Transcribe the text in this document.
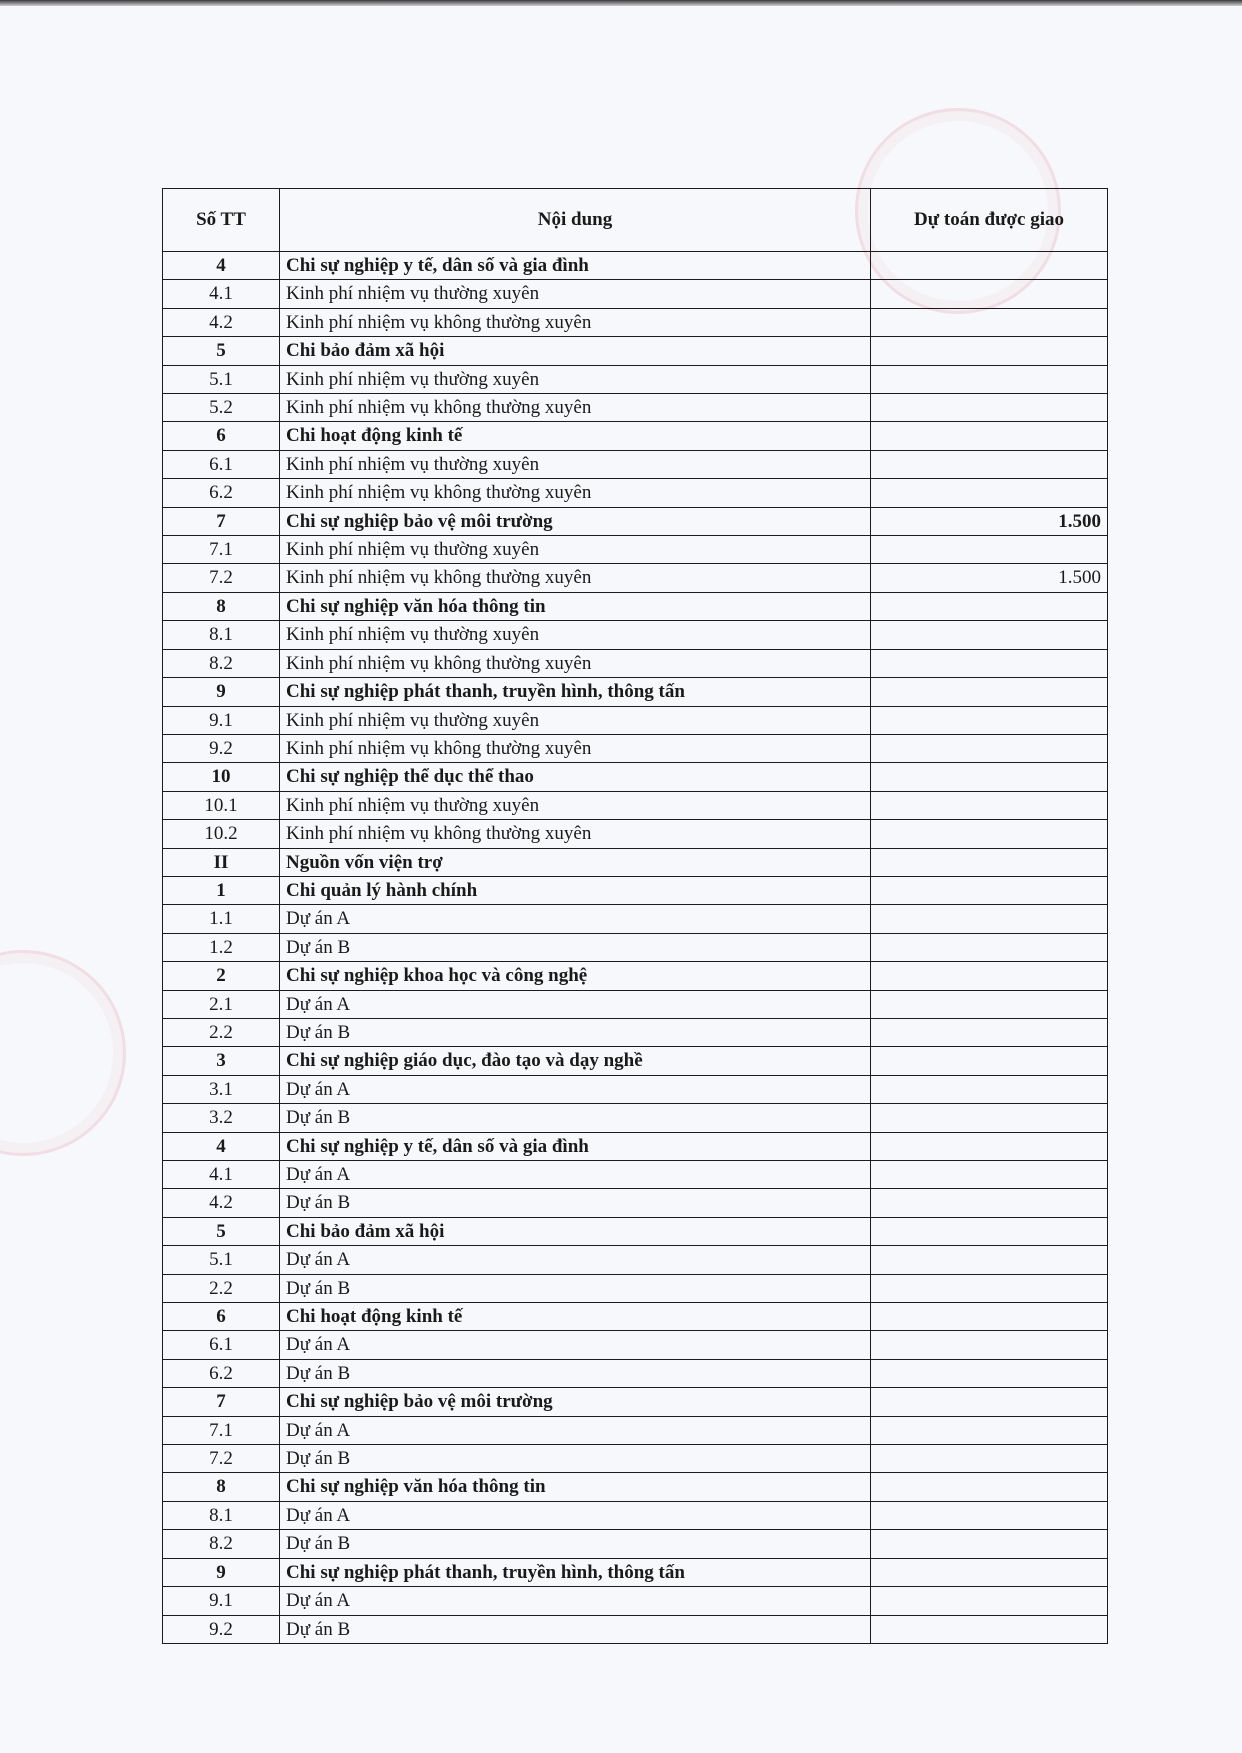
Số TT	Nội dung	Dự toán được giao
4	Chi sự nghiệp y tế, dân số và gia đình	
4.1	Kinh phí nhiệm vụ thường xuyên	
4.2	Kinh phí nhiệm vụ không thường xuyên	
5	Chi bảo đảm xã hội	
5.1	Kinh phí nhiệm vụ thường xuyên	
5.2	Kinh phí nhiệm vụ không thường xuyên	
6	Chi hoạt động kinh tế	
6.1	Kinh phí nhiệm vụ thường xuyên	
6.2	Kinh phí nhiệm vụ không thường xuyên	
7	Chi sự nghiệp bảo vệ môi trường	1.500
7.1	Kinh phí nhiệm vụ thường xuyên	
7.2	Kinh phí nhiệm vụ không thường xuyên	1.500
8	Chi sự nghiệp văn hóa thông tin	
8.1	Kinh phí nhiệm vụ thường xuyên	
8.2	Kinh phí nhiệm vụ không thường xuyên	
9	Chi sự nghiệp phát thanh, truyền hình, thông tấn	
9.1	Kinh phí nhiệm vụ thường xuyên	
9.2	Kinh phí nhiệm vụ không thường xuyên	
10	Chi sự nghiệp thể dục thể thao	
10.1	Kinh phí nhiệm vụ thường xuyên	
10.2	Kinh phí nhiệm vụ không thường xuyên	
II	Nguồn vốn viện trợ	
1	Chi quản lý hành chính	
1.1	Dự án A	
1.2	Dự án B	
2	Chi sự nghiệp khoa học và công nghệ	
2.1	Dự án A	
2.2	Dự án B	
3	Chi sự nghiệp giáo dục, đào tạo và dạy nghề	
3.1	Dự án A	
3.2	Dự án B	
4	Chi sự nghiệp y tế, dân số và gia đình	
4.1	Dự án A	
4.2	Dự án B	
5	Chi bảo đảm xã hội	
5.1	Dự án A	
2.2	Dự án B	
6	Chi hoạt động kinh tế	
6.1	Dự án A	
6.2	Dự án B	
7	Chi sự nghiệp bảo vệ môi trường	
7.1	Dự án A	
7.2	Dự án B	
8	Chi sự nghiệp văn hóa thông tin	
8.1	Dự án A	
8.2	Dự án B	
9	Chi sự nghiệp phát thanh, truyền hình, thông tấn	
9.1	Dự án A	
9.2	Dự án B	
